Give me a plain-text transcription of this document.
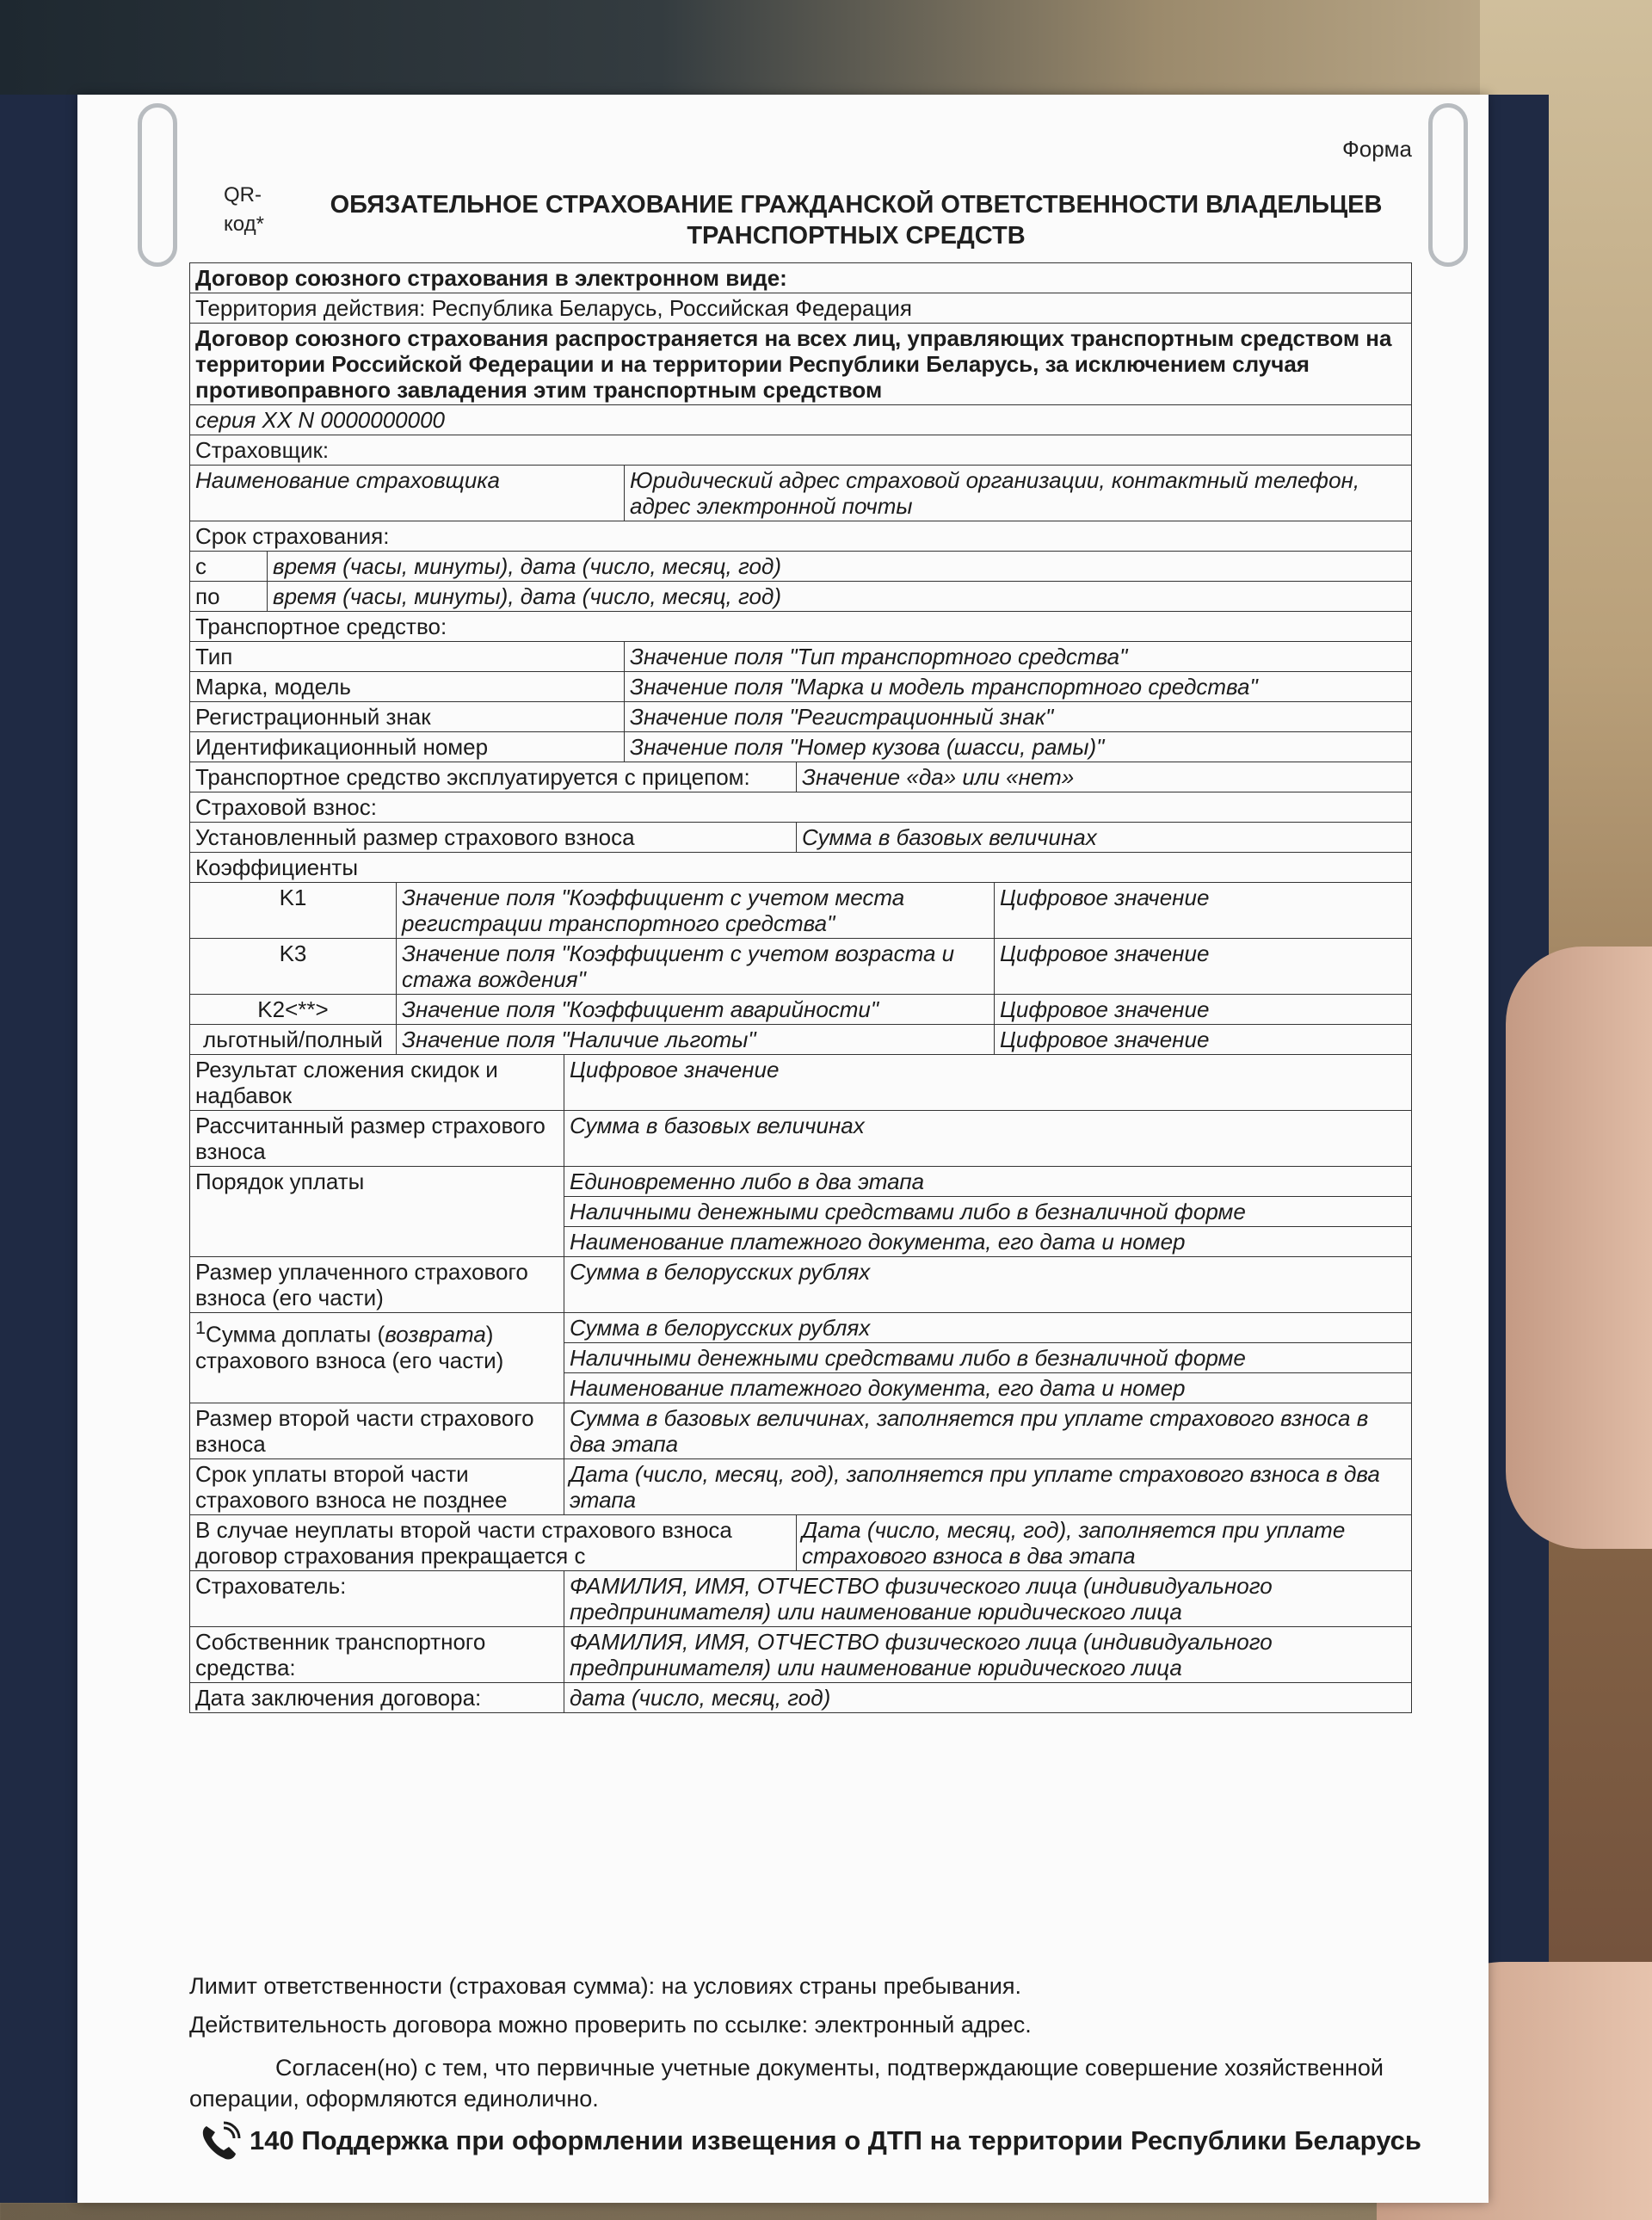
Форма
QR-код*
ОБЯЗАТЕЛЬНОЕ СТРАХОВАНИЕ ГРАЖДАНСКОЙ ОТВЕТСТВЕННОСТИ ВЛАДЕЛЬЦЕВ ТРАНСПОРТНЫХ СРЕДСТВ
Договор союзного страхования в электронном виде:						
Территория действия: Республика Беларусь, Российская Федерация						
Договор союзного страхования распространяется на всех лиц, управляющих транспортным средством на территории Российской Федерации и на территории Республики Беларусь, за исключением случая противоправного завладения этим транспортным средством						
серия XX N 0000000000						
Страховщик:						
Наименование страховщика				Юридический адрес страховой организации, контактный телефон, адрес электронной почты		
Срок страхования:						
с	время (часы, минуты), дата (число, месяц, год)					
по	время (часы, минуты), дата (число, месяц, год)					
Транспортное средство:						
Тип				Значение поля "Тип транспортного средства"		
Марка, модель				Значение поля "Марка и модель транспортного средства"		
Регистрационный знак				Значение поля "Регистрационный знак"		
Идентификационный номер				Значение поля "Номер кузова (шасси, рамы)"		
Транспортное средство эксплуатируется с прицепом:					Значение «да» или «нет»	
Страховой взнос:						
Установленный размер страхового взноса					Сумма в базовых величинах	
Коэффициенты						
K1		Значение поля "Коэффициент с учетом места регистрации транспортного средства"				Цифровое значение
K3		Значение поля "Коэффициент с учетом возраста и стажа вождения"				Цифровое значение
K2<**>		Значение поля "Коэффициент аварийности"				Цифровое значение
льготный/полный		Значение поля "Наличие льготы"				Цифровое значение
Результат сложения скидок и надбавок			Цифровое значение			
Рассчитанный размер страхового взноса			Сумма в базовых величинах			
Порядок уплаты			Единовременно либо в два этапа			
			Наличными денежными средствами либо в безналичной форме			
			Наименование платежного документа, его дата и номер			
Размер уплаченного страхового взноса (его части)			Сумма в белорусских рублях			
$^1$Сумма доплаты (возврата) страхового взноса (его части)			Сумма в белорусских рублях			
			Наличными денежными средствами либо в безналичной форме			
			Наименование платежного документа, его дата и номер			
Размер второй части страхового взноса			Сумма в базовых величинах, заполняется при уплате страхового взноса в два этапа			
Срок уплаты второй части страхового взноса не позднее			Дата (число, месяц, год), заполняется при уплате страхового взноса в два этапа			
В случае неуплаты второй части страхового взноса договор страхования прекращается с					Дата (число, месяц, год), заполняется при уплате страхового взноса в два этапа	
Страхователь:			ФАМИЛИЯ, ИМЯ, ОТЧЕСТВО физического лица (индивидуального предпринимателя) или наименование юридического лица			
Собственник транспортного средства:			ФАМИЛИЯ, ИМЯ, ОТЧЕСТВО физического лица (индивидуального предпринимателя) или наименование юридического лица			
Дата заключения договора:			дата (число, месяц, год)			
Лимит ответственности (страховая сумма): на условиях страны пребывания.
Действительность договора можно проверить по ссылке: электронный адрес.
Согласен(но) с тем, что первичные учетные документы, подтверждающие совершение хозяйственной операции, оформляются единолично.
140 Поддержка при оформлении извещения о ДТП на территории Республики Беларусь
